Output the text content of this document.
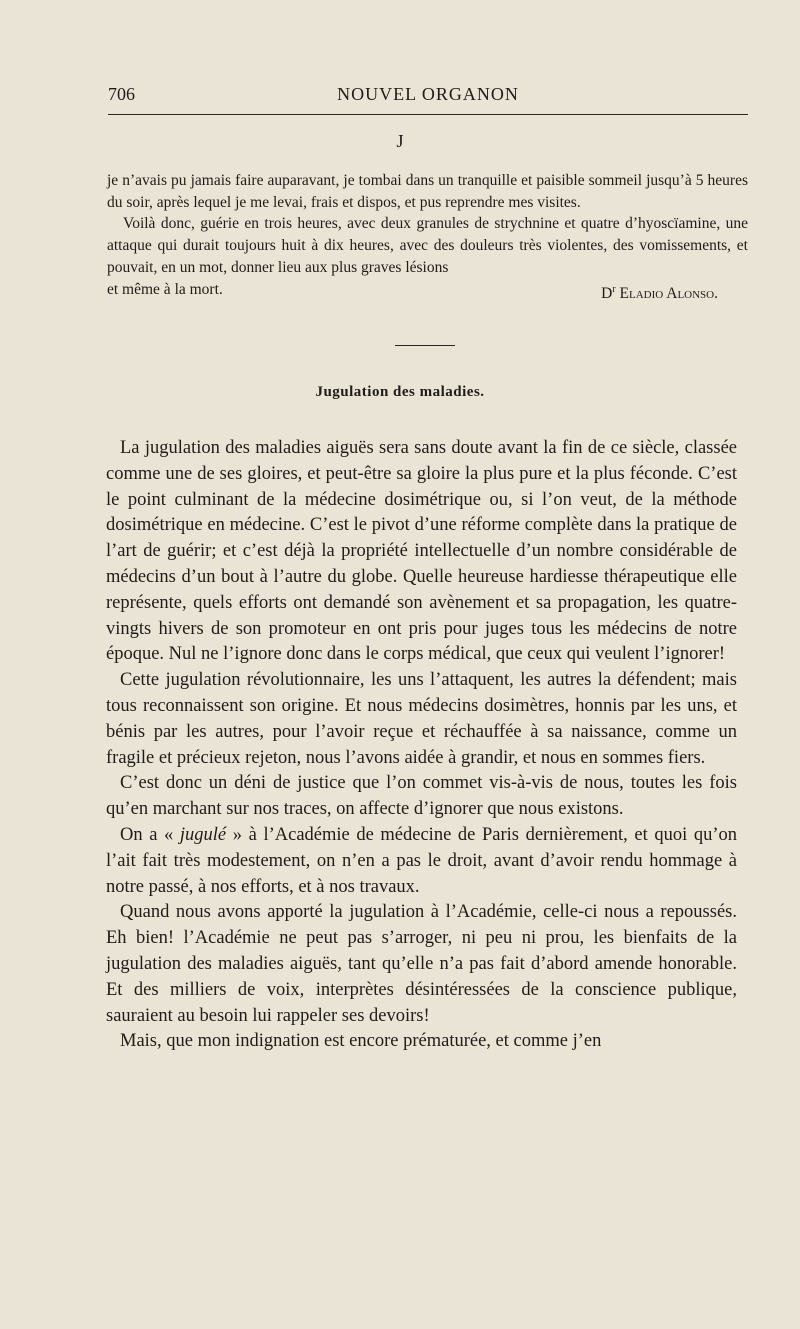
706	NOUVEL ORGANON
J

je n’avais pu jamais faire auparavant, je tombai dans un tranquille et paisible sommeil jusqu’à 5 heures du soir, après lequel je me levai, frais et dispos, et pus reprendre mes visites.

Voilà donc, guérie en trois heures, avec deux granules de strychnine et quatre d’hyoscïamine, une attaque qui durait toujours huit à dix heures, avec des douleurs très violentes, des vomissements, et pouvait, en un mot, donner lieu aux plus graves lésions

et même à la mort.	$D^r$ Eladio Alonso.
Jugulation des maladies.

La jugulation des maladies aiguës sera sans doute avant la fin de ce siècle, classée comme une de ses gloires, et peut-être sa gloire la plus pure et la plus féconde. C’est le point culminant de la médecine dosimétrique ou, si l’on veut, de la méthode dosimétrique en médecine. C’est le pivot d’une réforme complète dans la pratique de l’art de guérir; et c’est déjà la propriété intellectuelle d’un nombre considérable de médecins d’un bout à l’autre du globe. Quelle heureuse hardiesse thérapeutique elle représente, quels efforts ont demandé son avènement et sa propagation, les quatre-vingts hivers de son promoteur en ont pris pour juges tous les médecins de notre époque. Nul ne l’ignore donc dans le corps médical, que ceux qui veulent l’ignorer!

Cette jugulation révolutionnaire, les uns l’attaquent, les autres la défendent; mais tous reconnaissent son origine. Et nous médecins dosimètres, honnis par les uns, et bénis par les autres, pour l’avoir reçue et réchauffée à sa naissance, comme un fragile et précieux rejeton, nous l’avons aidée à grandir, et nous en sommes fiers.

C’est donc un déni de justice que l’on commet vis-à-vis de nous, toutes les fois qu’en marchant sur nos traces, on affecte d’ignorer que nous existons.

On a « jugulé » à l’Académie de médecine de Paris dernièrement, et quoi qu’on l’ait fait très modestement, on n’en a pas le droit, avant d’avoir rendu hommage à notre passé, à nos efforts, et à nos travaux.

Quand nous avons apporté la jugulation à l’Académie, celle-ci nous a repoussés. Eh bien! l’Académie ne peut pas s’arroger, ni peu ni prou, les bienfaits de la jugulation des maladies aiguës, tant qu’elle n’a pas fait d’abord amende honorable. Et des milliers de voix, interprètes désintéressées de la conscience publique, sauraient au besoin lui rappeler ses devoirs!

Mais, que mon indignation est encore prématurée, et comme j’en
